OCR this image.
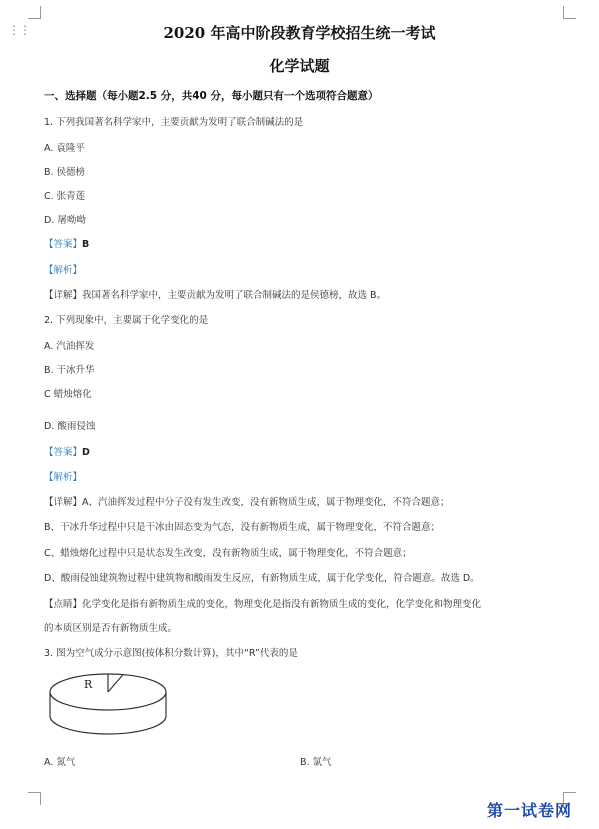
⋮⋮	2020 年高中阶段教育学校招生统一考试
化学试题
一、选择题（每小题2.5 分，共40 分，每小题只有一个选项符合题意）
1. 下列我国著名科学家中，主要贡献为发明了联合制碱法的是
A. 袁隆平
B. 侯德榜
C. 张青莲
D. 屠呦呦
【答案】B
【解析】
【详解】我国著名科学家中，主要贡献为发明了联合制碱法的是侯德榜，故选 B。
2. 下列现象中，主要属于化学变化的是
A. 汽油挥发
B. 干冰升华
C 蜡烛熔化
D. 酸雨侵蚀
【答案】D
【解析】
【详解】A、汽油挥发过程中分子没有发生改变，没有新物质生成，属于物理变化，不符合题意；
B、干冰升华过程中只是干冰由固态变为气态，没有新物质生成，属于物理变化，不符合题意；
C、蜡烛熔化过程中只是状态发生改变，没有新物质生成，属于物理变化，不符合题意；
D、酸雨侵蚀建筑物过程中建筑物和酸雨发生反应，有新物质生成，属于化学变化，符合题意。故选 D。
【点睛】化学变化是指有新物质生成的变化，物理变化是指没有新物质生成的变化，化学变化和物理变化
的本质区别是否有新物质生成。
3. 图为空气成分示意图(按体积分数计算)，其中“R”代表的是
R
A. 氮气	B. 氯气
第一试卷网
